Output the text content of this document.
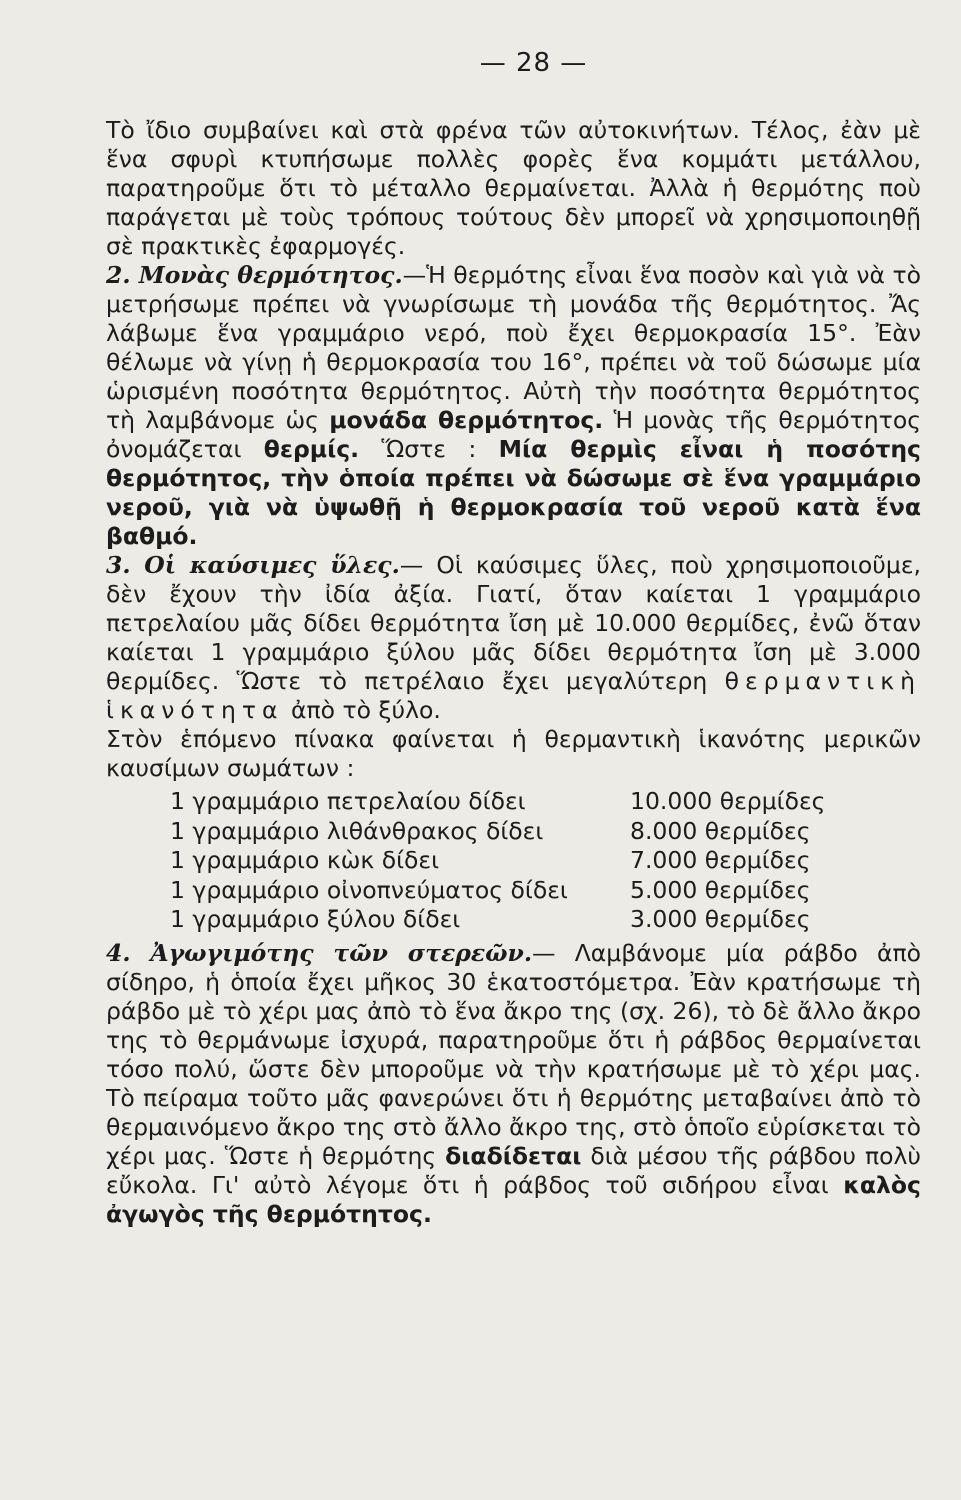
— 28 —

Τὸ ἴδιο συμβαίνει καὶ στὰ φρένα τῶν αὐτοκινήτων. Τέλος, ἐὰν μὲ ἕνα σφυρὶ κτυπήσωμε πολλὲς φορὲς ἕνα κομμάτι μετάλλου, παρατηροῦμε ὅτι τὸ μέταλλο θερμαίνεται. Ἀλλὰ ἡ θερμότης ποὺ παράγεται μὲ τοὺς τρόπους τούτους δὲν μπορεῖ νὰ χρησιμοποιηθῇ σὲ πρακτικὲς ἐφαρμογές.

2. Μονὰς θερμότητος.—Ἡ θερμότης εἶναι ἕνα ποσὸν καὶ γιὰ νὰ τὸ μετρήσωμε πρέπει νὰ γνωρίσωμε τὴ μονάδα τῆς θερμότητος. Ἄς λάβωμε ἕνα γραμμάριο νερό, ποὺ ἔχει θερμοκρασία 15°. Ἐὰν θέλωμε νὰ γίνῃ ἡ θερμοκρασία του 16°, πρέπει νὰ τοῦ δώσωμε μία ὡρισμένη ποσότητα θερμότητος. Αὐτὴ τὴν ποσότητα θερμότητος τὴ λαμβάνομε ὡς μονάδα θερμότητος. Ἡ μονὰς τῆς θερμότητος ὀνομάζεται θερμίς. Ὥστε : Μία θερμὶς εἶναι ἡ ποσότης θερμότητος, τὴν ὁποία πρέπει νὰ δώσωμε σὲ ἕνα γραμμάριο νεροῦ, γιὰ νὰ ὑψωθῇ ἡ θερμοκρασία τοῦ νεροῦ κατὰ ἕνα βαθμό.

3. Οἱ καύσιμες ὕλες.— Οἱ καύσιμες ὕλες, ποὺ χρησιμοποιοῦμε, δὲν ἔχουν τὴν ἰδία ἀξία. Γιατί, ὅταν καίεται 1 γραμμάριο πετρελαίου μᾶς δίδει θερμότητα ἴση μὲ 10.000 θερμίδες, ἐνῶ ὅταν καίεται 1 γραμμάριο ξύλου μᾶς δίδει θερμότητα ἴση μὲ 3.000 θερμίδες. Ὥστε τὸ πετρέλαιο ἔχει μεγαλύτερη θερμαντικὴ ἱκανότητα ἀπὸ τὸ ξύλο.

Στὸν ἑπόμενο πίνακα φαίνεται ἡ θερμαντικὴ ἱκανότης μερικῶν καυσίμων σωμάτων :

1 γραμμάριο πετρελαίου δίδει	10.000 θερμίδες
1 γραμμάριο λιθάνθρακος δίδει	8.000 θερμίδες
1 γραμμάριο κὼκ δίδει	7.000 θερμίδες
1 γραμμάριο οἰνοπνεύματος δίδει	5.000 θερμίδες
1 γραμμάριο ξύλου δίδει	3.000 θερμίδες

4. Ἀγωγιμότης τῶν στερεῶν.— Λαμβάνομε μία ράβδο ἀπὸ σίδηρο, ἡ ὁποία ἔχει μῆκος 30 ἑκατοστόμετρα. Ἐὰν κρατήσωμε τὴ ράβδο μὲ τὸ χέρι μας ἀπὸ τὸ ἕνα ἄκρο της (σχ. 26), τὸ δὲ ἄλλο ἄκρο της τὸ θερμάνωμε ἰσχυρά, παρατηροῦμε ὅτι ἡ ράβδος θερμαίνεται τόσο πολύ, ὥστε δὲν μποροῦμε νὰ τὴν κρατήσωμε μὲ τὸ χέρι μας. Τὸ πείραμα τοῦτο μᾶς φανερώνει ὅτι ἡ θερμότης μεταβαίνει ἀπὸ τὸ θερμαινόμενο ἄκρο της στὸ ἄλλο ἄκρο της, στὸ ὁποῖο εὑρίσκεται τὸ χέρι μας. Ὥστε ἡ θερμότης διαδίδεται διὰ μέσου τῆς ράβδου πολὺ εὔκολα. Γι' αὐτὸ λέγομε ὅτι ἡ ράβδος τοῦ σιδήρου εἶναι καλὸς ἀγωγὸς τῆς θερμότητος.
